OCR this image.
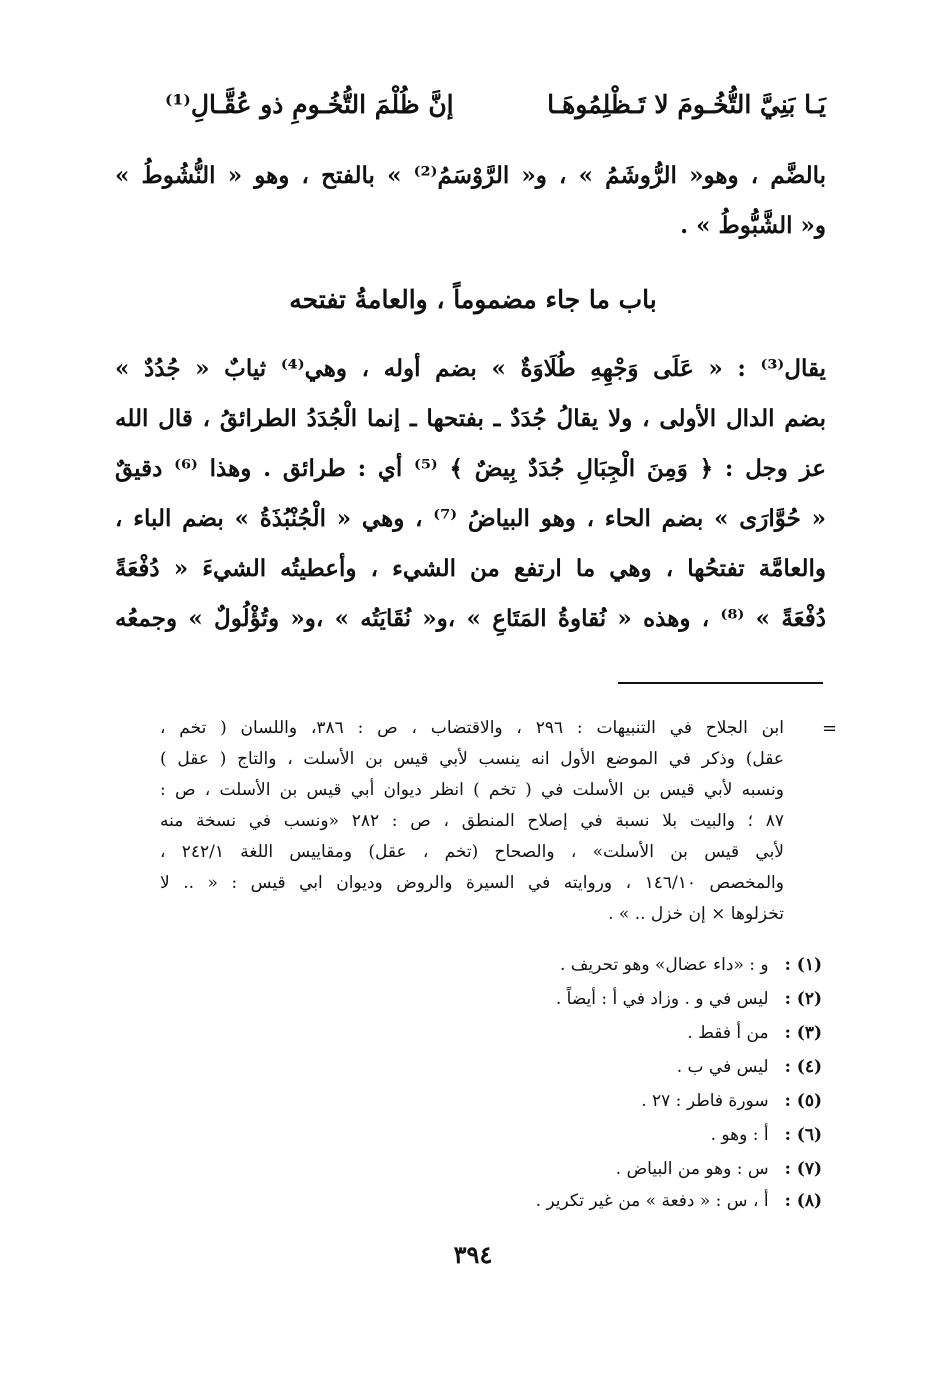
يَـا بَنِيَّ التُّخُـومَ لا تَـظْلِمُوهَـا
إنَّ ظُلْمَ التُّخُـومِ ذو عُقَّـالِ⁽¹⁾
بالضَّم ، وهو« الرُّوشَمُ » ، و« الرَّوْسَمُ⁽²⁾ » بالفتح ، وهو « النُّشُوطُ »
و« الشَّبُّوطُ » .
باب ما جاء مضموماً ، والعامةُ تفتحه
يقال⁽³⁾ : « عَلَى وَجْهِهِ طُلَاوَةٌ » بضم أوله ، وهي⁽⁴⁾ ثيابٌ « جُدُدٌ »
بضم الدال الأولى ، ولا يقالُ جُدَدٌ ـ بفتحها ـ إنما الْجُدَدُ الطرائقُ ، قال الله
عز وجل : ﴿ وَمِنَ الْجِبَالِ جُدَدٌ بِيضٌ ﴾ ⁽⁵⁾ أي : طرائق . وهذا ⁽⁶⁾ دقيقٌ
« حُوَّارَى » بضم الحاء ، وهو البياضُ ⁽⁷⁾ ، وهي « الْجُنْبُذَةُ » بضم الباء ،
والعامَّة تفتحُها ، وهي ما ارتفع من الشيء ، وأعطيتُه الشيءَ « دُفْعَةً
دُفْعَةً » ⁽⁸⁾ ، وهذه « نُقاوةُ المَتَاعِ » ،و« نُقَايَتُه » ،و« وتُؤْلُولٌ » وجمعُه
=
ابن الجلاح في التنبيهات : ٢٩٦ ، والاقتضاب ، ص : ٣٨٦، واللسان ( تخم ،
عقل) وذكر في الموضع الأول انه ينسب لأبي قيس بن الأسلت ، والتاج ( عقل )
ونسبه لأبي قيس بن الأسلت في ( تخم ) انظر ديوان أبي قيس بن الأسلت ، ص :
٨٧ ؛ والبيت بلا نسبة في إصلاح المنطق ، ص : ٢٨٢ «ونسب في نسخة منه
لأبي قيس بن الأسلت» ، والصحاح (تخم ، عقل) ومقاييس اللغة ٢٤٢/١ ،
والمخصص ١٤٦/١٠ ، وروايته في السيرة والروض وديوان ابي قيس : « .. لا
تخزلوها × إن خزل .. » .
(١) : و : «داء عضال» وهو تحريف .
(٢) : ليس في و . وزاد في أ : أيضاً .
(٣) : من أ فقط .
(٤) : ليس في ب .
(٥) : سورة فاطر : ٢٧ .
(٦) : أ : وهو .
(٧) : س : وهو من البياض .
(٨) : أ ، س : « دفعة » من غير تكرير .
٣٩٤
